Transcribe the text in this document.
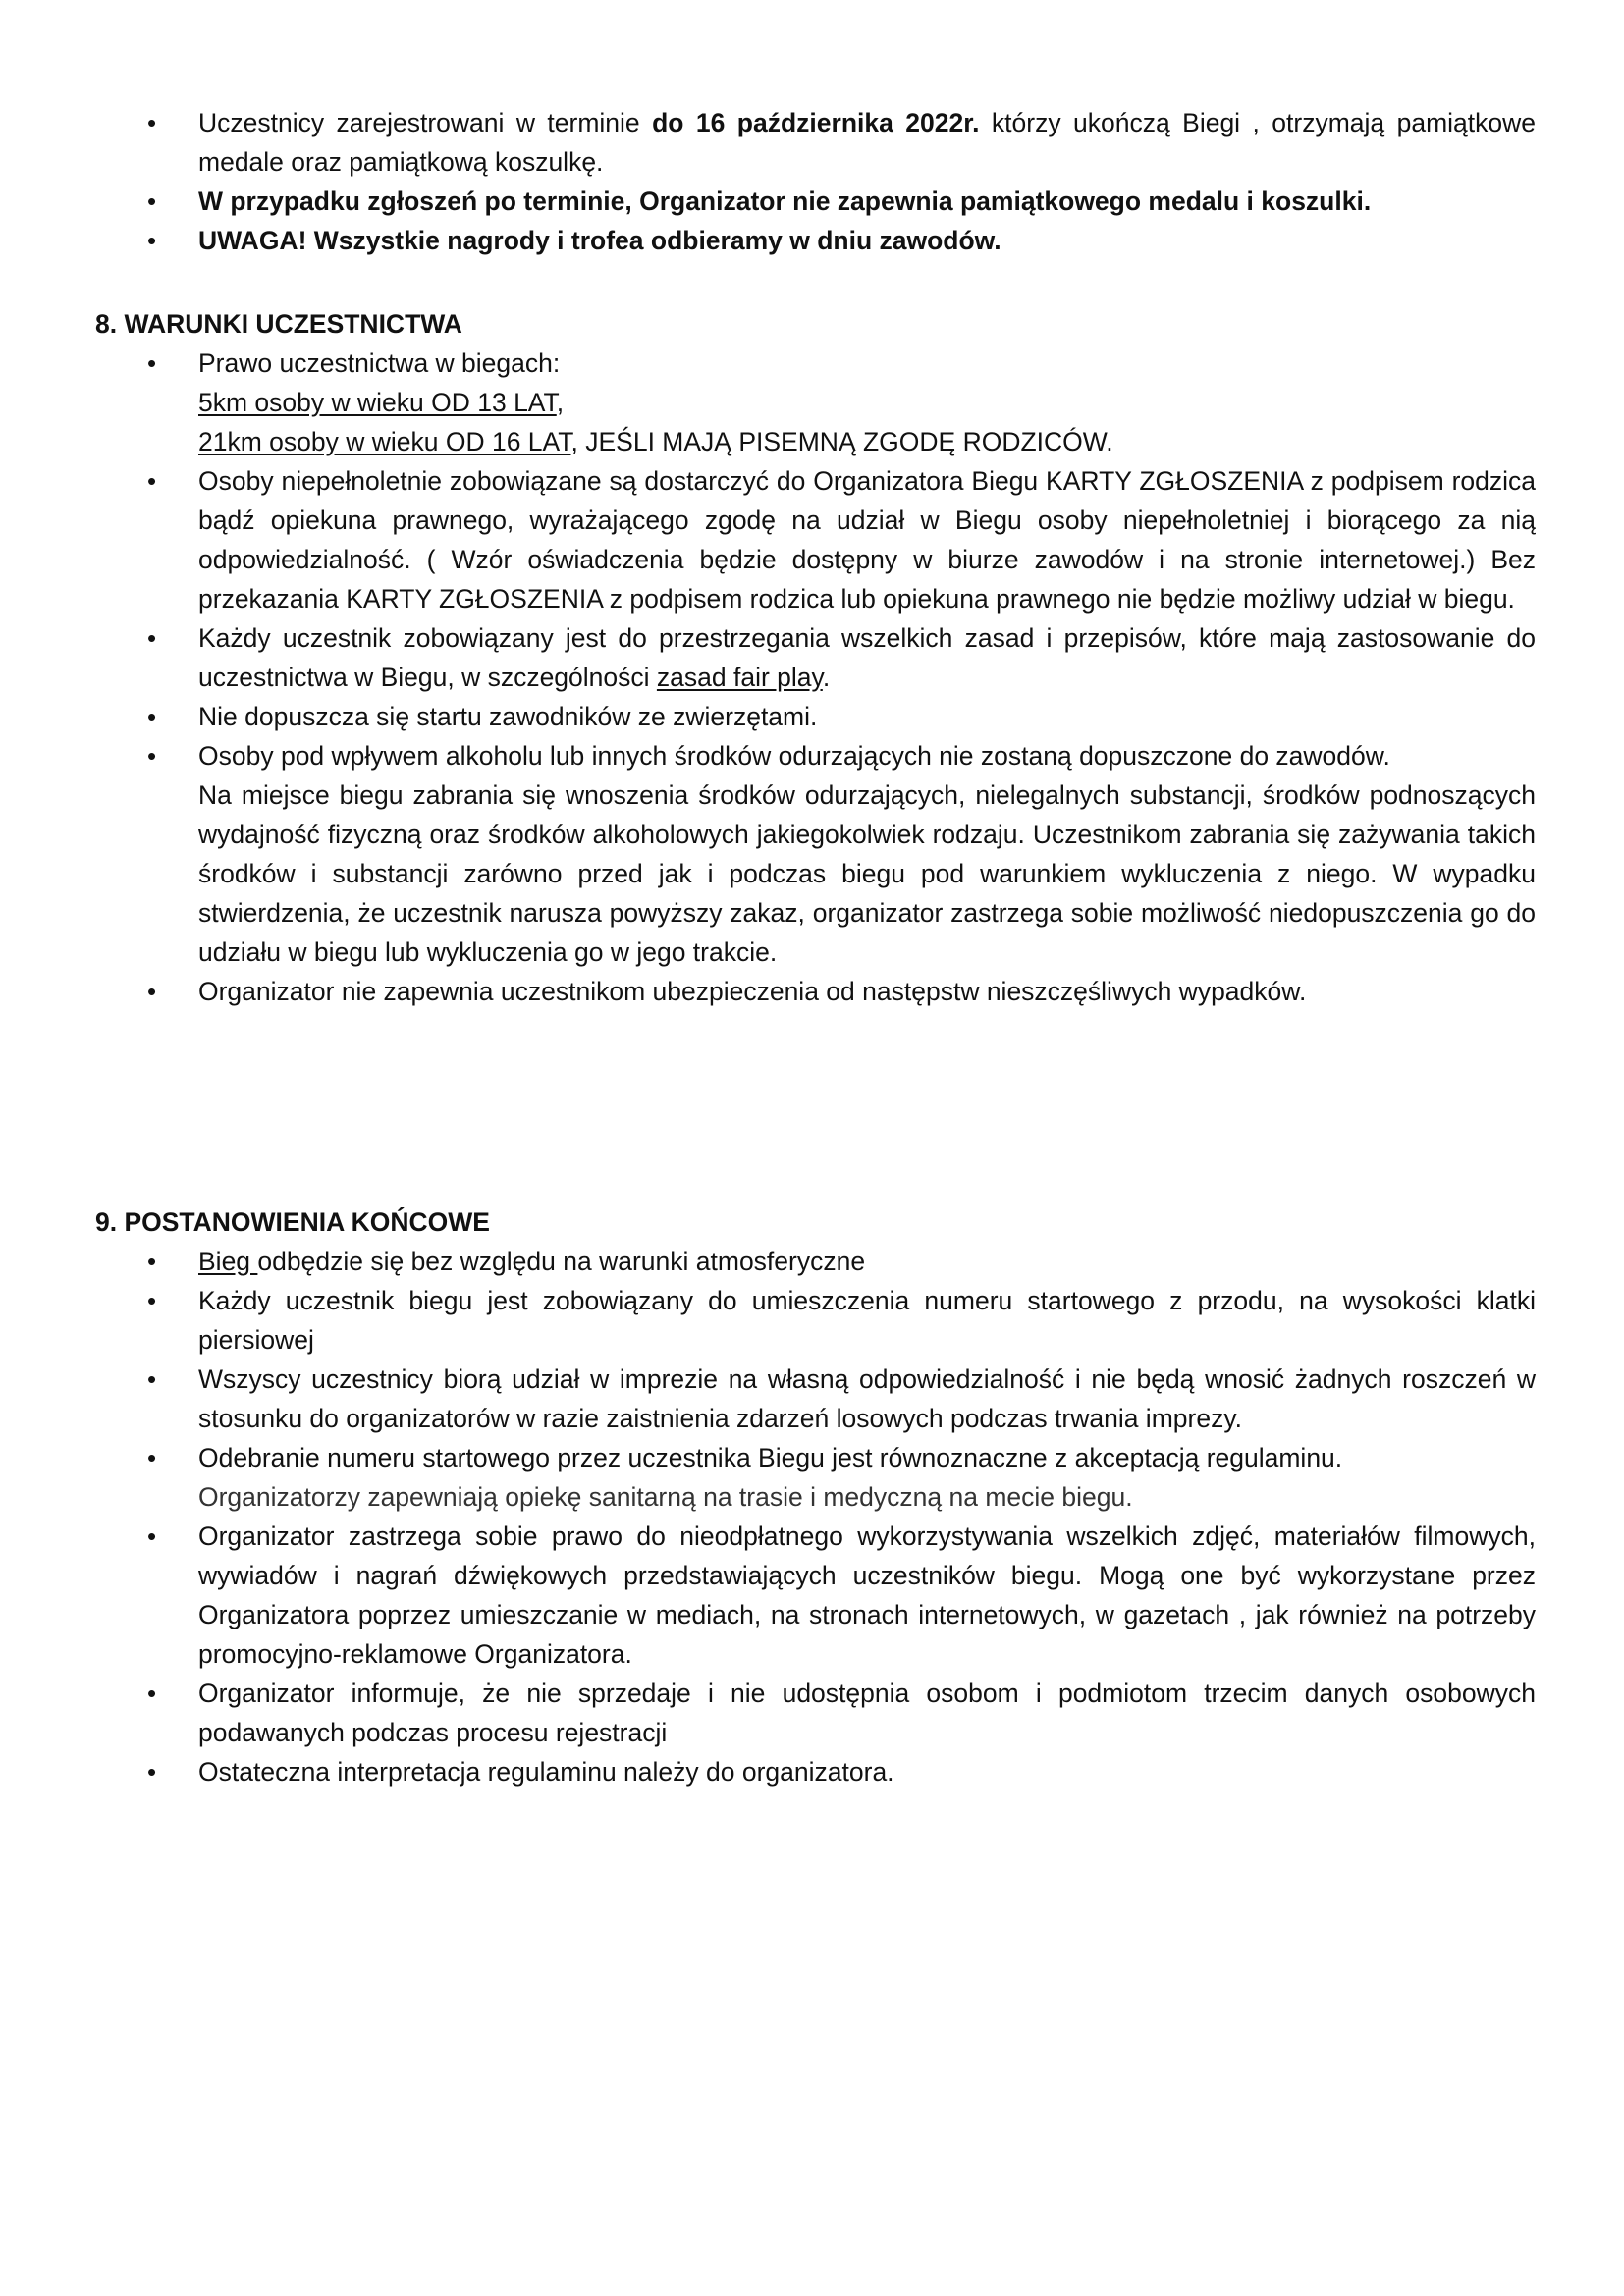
•	Uczestnicy zarejestrowani w terminie do 16 października 2022r. którzy ukończą Biegi , otrzymają pamiątkowe medale oraz pamiątkową koszulkę.
•	W przypadku zgłoszeń po terminie, Organizator nie zapewnia pamiątkowego medalu i koszulki.
•	UWAGA! Wszystkie nagrody i trofea odbieramy w dniu zawodów.
8. WARUNKI UCZESTNICTWA
•	Prawo uczestnictwa w biegach:
5km osoby w wieku OD 13 LAT,
21km osoby w wieku OD 16 LAT, JEŚLI MAJĄ PISEMNĄ ZGODĘ RODZICÓW.
•	Osoby niepełnoletnie zobowiązane są dostarczyć do Organizatora Biegu KARTY ZGŁOSZENIA z podpisem rodzica bądź opiekuna prawnego, wyrażającego zgodę na udział w Biegu osoby niepełnoletniej i biorącego za nią odpowiedzialność. ( Wzór oświadczenia będzie dostępny w biurze zawodów i na stronie internetowej.) Bez przekazania KARTY ZGŁOSZENIA z podpisem rodzica lub opiekuna prawnego nie będzie możliwy udział w biegu.
•	Każdy uczestnik zobowiązany jest do przestrzegania wszelkich zasad i przepisów, które mają zastosowanie do uczestnictwa w Biegu, w szczególności zasad fair play.
•	Nie dopuszcza się startu zawodników ze zwierzętami.
•	Osoby pod wpływem alkoholu lub innych środków odurzających nie zostaną dopuszczone do zawodów.
Na miejsce biegu zabrania się wnoszenia środków odurzających, nielegalnych substancji, środków podnoszących wydajność fizyczną oraz środków alkoholowych jakiegokolwiek rodzaju. Uczestnikom zabrania się zażywania takich środków i substancji zarówno przed jak i podczas biegu pod warunkiem wykluczenia z niego. W wypadku stwierdzenia, że uczestnik narusza powyższy zakaz, organizator zastrzega sobie możliwość niedopuszczenia go do udziału w biegu lub wykluczenia go w jego trakcie.
•	Organizator nie zapewnia uczestnikom ubezpieczenia od następstw nieszczęśliwych wypadków.
9. POSTANOWIENIA KOŃCOWE
•	Bieg odbędzie się bez względu na warunki atmosferyczne
•	Każdy uczestnik biegu jest zobowiązany do umieszczenia numeru startowego z przodu, na wysokości klatki piersiowej
•	Wszyscy uczestnicy biorą udział w imprezie na własną odpowiedzialność i nie będą wnosić żadnych roszczeń w stosunku do organizatorów w razie zaistnienia zdarzeń losowych podczas trwania imprezy.
•	Odebranie numeru startowego przez uczestnika Biegu jest równoznaczne z akceptacją regulaminu.
Organizatorzy zapewniają opiekę sanitarną na trasie i medyczną na mecie biegu.
•	Organizator zastrzega sobie prawo do nieodpłatnego wykorzystywania wszelkich zdjęć, materiałów filmowych, wywiadów i nagrań dźwiękowych przedstawiających uczestników biegu. Mogą one być wykorzystane przez Organizatora poprzez umieszczanie w mediach, na stronach internetowych, w gazetach , jak również na potrzeby promocyjno-reklamowe Organizatora.
•	Organizator informuje, że nie sprzedaje i nie udostępnia osobom i podmiotom trzecim danych osobowych podawanych podczas procesu rejestracji
•	Ostateczna interpretacja regulaminu należy do organizatora.
